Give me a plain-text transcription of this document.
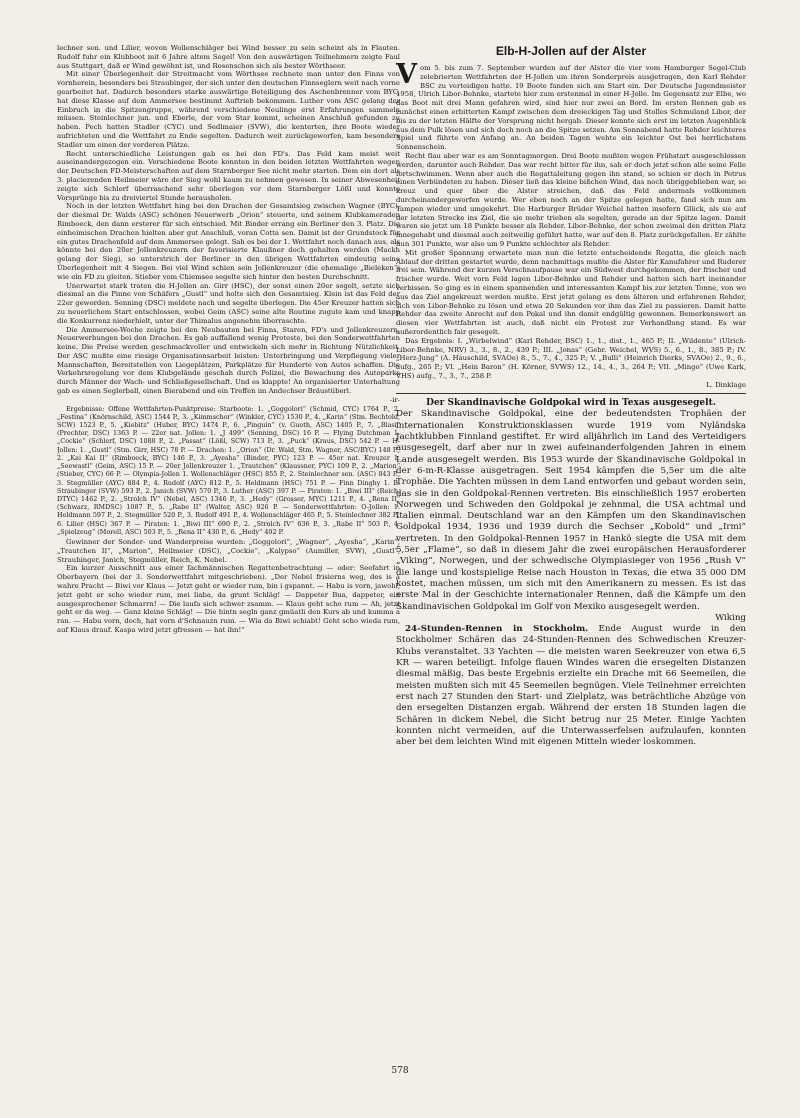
lechner sen. und Lilier, wovon Wollenschläger bei Wind besser zu sein scheint als in Flauten. Rudolf fuhr ein Klubboot mit 6 Jahre altem Segel! Von den auswärtigen Teilnehmern zeigte Faul aus Stuttgart, daß er Wind gewöhnt ist, und Rosenschon sich als bester Wörthseer.

Mit einer Überlegenheit der Streitmacht vom Wörthsee rechnete man unter den Finns von vornherein, besonders bei Straubinger, der sich unter den deutschen Finnseglern weit nach vorne gearbeitet hat. Dadurch besonders starke auswärtige Beteiligung des Aschenbrenner vom BYC, hat diese Klasse auf dem Ammersee bestimmt Auftrieb bekommen. Luther vom ASC gelang der Einbruch in die Spitzengruppe, während verschiedene Neulinge erst Erfahrungen sammeln müssen. Steinlechner jun. und Eberle, der vom Star kommt, scheinen Anschluß gefunden zu haben. Pech hatten Stadler (CYC) und Sedlmaier (SVW), die kenterten, ihre Boote wieder aufrichteten und die Wettfahrt zu Ende segelten. Dadurch weit zurückgeworfen, kam besonders Stadler um einen der vorderen Plätze.

Recht unterschiedliche Leistungen gab es bei den FD's. Das Feld kam meist weit auseinandergezogen ein. Verschiedene Boote konnten in den beiden letzten Wettfahrten wegen der Deutschen FD-Meisterschaften auf dem Starnberger See nicht mehr starten. Dem ein dort als 3. placierenden Heilmeier wäre der Sieg wohl kaum zu nehmen gewesen. In seiner Abwesenheit zeigte sich Schlerf überraschend sehr überlegen vor dem Starnberger Lößl und konnte Vorsprünge bis zu dreiviertel Stunde herausholen.

Noch in der letzten Wettfahrt hing bei den Drachen der Gesamtsieg zwischen Wagner (BYC), der diesmal Dr. Walds (ASC) schönen Neuerwerb „Orion“ steuerte, und seinem Klubkameraden Rimboeck, den dann ersterer für sich entschied. Mit Binder errang ein Berliner den 3. Platz. Die einheimischen Drachen hielten aber gut Anschluß, voran Cotta sen. Damit ist der Grundstock für ein gutes Drachenfeld auf dem Ammersee gelegt. Sah es bei der 1. Wettfahrt noch danach aus, als könnte bei den 20er Jollenkreuzern der favorisierte Klaußner doch gehalten werden (Mackh gelang der Sieg), so unterstrich der Berliner in den übrigen Wettfahrten eindeutig seine Überlegenheit mit 4 Siegen. Bei viel Wind schien sein Jollenkreuzer (die ehemalige „Bieleken“) wie ein FD zu gleiten. Stieber vom Chiemsee segelte sich hinter den besten Durchschnitt.

Unerwartet stark traten die H-Jollen an. Girr (HSC), der sonst einen 20er segelt, setzte sich diesmal an die Pinne von Schäfers „Gustl“ und holte sich den Gesamtsieg. Klein ist das Feld der 22er geworden. Senning (DSC) meldete nach und segelte überlegen. Die 45er Kreuzer hatten sich zu neuerlichem Start entschlossen, wobei Geim (ASC) seine alte Routine zugute kam und knapp die Konkurrenz niederhielt, unter der Thimalus angenehm überraschte.

Die Ammersee-Woche zeigte bei den Neubauten bei Finns, Staren, FD's und Jollenkreuzern, Neuerwerbungen bei den Drachen. Es gab auffallend wenig Proteste, bei den Sonderwettfahrten keine. Die Preise werden geschmackvoller und entwickeln sich mehr in Richtung Nützlichkeit. Der ASC mußte eine riesige Organisationsarbeit leisten: Unterbringung und Verpflegung vieler Mannschaften, Bereitstellen von Liegeplätzen, Parkplätze für Hunderte von Autos schaffen. Die Verkehrsregelung vor dem Klubgelände geschah durch Polizei, die Bewachung des Autoparks durch Männer der Wach- und Schließgesellschaft. Und es klappte! An organisierter Unterhaltung gab es einen Seglerball, einen Bierabend und ein Treffen im Andechser Bräustüberl.

-ir-

Ergebnisse: Offene Wettfahrten-Punktpreise: Starboote: 1. „Goggolori“ (Schmid, CYC) 1764 P., 2. „Festina“ (Knörnschild, ASC) 1544 P., 3. „Kimmschor“ (Winkler, CYC) 1530 P., 4. „Karin“ (Stm. Bechtold, SCW) 1523 P., 5. „Kiebitz“ (Huber, BYC) 1474 P., 6. „Pinguin“ (v. Guoth, ASC) 1405 P., 7. „Blasi“ (Prechter, DSC) 1363 P. — 22er nat. Jollen: 1. „J 499“ (Senning, DSC) 16 P. — Flying Dutchman 1. „Cockie“ (Schlerf, DSC) 1088 P., 2. „Passat“ (Lößl, SCW) 713 P., 3. „Puck“ (Kraus, DSC) 542 P. — H-Jollen: 1. „Gustl“ (Stm. Girr, HSC) 78 P. — Drachen: 1. „Orion“ (Dr. Wald, Stm. Wagner, ASC/BYC) 148 P., 2. „Kai Kai II“ (Rimboeck, BYC) 146 P., 3. „Ayesha“ (Binder, PYC) 123 P. — 45er nat. Kreuzer 1. „Seewastl“ (Geim, ASC) 15 P. — 20er Jollenkreuzer 1. „Trautchen“ (Klaussner, PYC) 109 P., 2. „Marion“ (Stieber, CYC) 66 P. — Olympia-Jollen 1. Wollenschläger (HSC) 855 P., 2. Steinlechner sen. (ASC) 843 P., 3. Stegmüller (AYC) 884 P., 4. Rudolf (AYC) 812 P., 5. Heldmann (HSC) 751 P. — Finn Dinghy 1. B. Straubinger (SVW) 593 P., 2. Janich (SVW) 570 P., 3. Luther (ASC) 397 P. — Piraten: 1. „Biwi III“ (Reich, DTYC) 1462 P., 2. „Strolch IV“ (Nebel, ASC) 1346 P., 3. „Hedy“ (Grosser, MYC) 1211 P., 4. „Rena II“ (Schwarz, RMDSC) 1087 P., 5. „Rabe II“ (Walter, ASC) 926 P. — Sonderwettfahrten: O-Jollen: 1. Heldmann 597 P., 2. Stegmüller 520 P., 3. Rudolf 491 P., 4. Wollenschläger 465 P., 5. Steinlechner 382 P., 6. Lilier (HSC) 367 P. — Piraten: 1. „Biwi III“ 690 P., 2. „Strolch IV“ 636 P., 3. „Rabe II“ 503 P., 4. „Spielzeug“ (Morell, ASC) 503 P., 5. „Rena II“ 430 P., 6. „Hedy“ 402 P.

Gewinner der Sonder- und Wanderpreise wurden: „Goggolori“, „Wagner“, „Ayesha“, „Karin“, „Trautchen II“, „Marion“, Heilmeier (DSC), „Cockie“, „Kalypso“ (Aumiller, SVW), „Gustl“, Straubinger, Janich, Stegmüller, Reich, K. Nebel.

Ein kurzer Ausschnitt aus einer fachmännischen Regattenbetrachtung — oder: Seefahrt in Oberbayern (bei der 3. Sonderwettfahrt mitgeschrieben). „Der Nebel frisierns weg, des is a wahre Pracht — Biwi vor Klaus — Jetzt geht er wieder rum, bin i gspannt. — Habu is vorn, jawohl, jetzt geht er scho wieder rum, mei liaba, da grunt Schläg! — Dappeter Bua, dappeter, ein ausgesprochener Schmarrn! — Die laufa sich schwer zsamm. — Klaus geht scho rum — Ah, jetzt geht er da weg. — Ganz kleine Schläg! — Die hintn segln ganz gmüatli den Kurs ab und kumma a ran. — Habu vorn, doch, hat vorn d'Schnauzn rum. — Wia da Biwi schiabt! Geht scho wieda rum, auf Klaus drauf. Kaspa wird jetzt gfressen — hat ihn!“

Elb-H-Jollen auf der Alster

Vom 5. bis zum 7. September wurden auf der Alster die vier vom Hamburger Segel-Club zelebrierten Wettfahrten der H-Jollen um ihren Sonderpreis ausgetragen, den Karl Rehder BSC zu verteidigen hatte. 19 Boote fanden sich am Start ein. Der Deutsche Jugendmeister 1958, Ulrich Libor-Behnke, startete hier zum erstenmal in einer H-Jolle. Im Gegensatz zur Elbe, wo das Boot mit drei Mann gefahren wird, sind hier nur zwei an Bord. Im ersten Rennen gab es zunächst einen erbitterten Kampf zwischen dem dreieckigen Tag und Stolles Schmuland Libor, der bis zu der letzten Hälfte der Vorsprung nicht hergab. Dieser konnte sich erst im letzten Augenblick aus dem Pulk lösen und sich doch noch an die Spitze setzen. Am Sonnabend hatte Rehder leichteres Spiel und führte von Anfang an. An beiden Tagen wehte ein leichter Ost bei herrlichstem Sonnenschein.

Recht flau aber war es am Sonntagmorgen. Drei Boote mußten wegen Frühstart ausgeschlossen werden, darunter auch Rehder. Das war recht bitter für ihn, sah er doch jetzt schon alle seine Felle fortschwimmen. Wenn aber auch die Regattaleitung gegen ihn stand, so schien er doch in Petrus einen Verbündeten zu haben. Dieser ließ das kleine bißchen Wind, das noch übriggeblieben war, so kreuz und quer über die Alster streichen, daß das Feld andermals vollkommen durcheinandergeworfen wurde. Wer eben noch an der Spitze gelegen hatte, fand sich nun am Tampen wieder und umgekehrt. Die Harburger Brüder Weichel hatten insofern Glück, als sie auf der letzten Strecke ins Ziel, die sie mehr trieben als segelten, gerade an der Spitze lagen. Damit waren sie jetzt um 18 Punkte besser als Rehder. Libor-Behnke, der schon zweimal den dritten Platz innegehabt und diesmal auch zeitweilig geführt hatte, war auf den 8. Platz zurückgefallen. Er zählte nun 301 Punkte, war also um 9 Punkte schlechter als Rehder.

Mit großer Spannung erwartete man nun die letzte entscheidende Regatta, die gleich nach Ablauf der dritten gestartet wurde, denn nachmittags mußte die Alster für Kanufahrer und Ruderer frei sein. Während der kurzen Verschnaufpause war ein Südwest durchgekommen, der frischer und frischer wurde. Weit vorn Feld lagen Libor-Behnke und Rehder und hatten sich hart ineinander verbissen. So ging es in einem spannenden und interessanten Kampf bis zur letzten Tonne, von wo aus das Ziel angekreuzt werden mußte. Erst jetzt gelang es dem älteren und erfahrenen Rehder, sich von Libor-Behnke zu lösen und etwa 20 Sekunden vor ihm das Ziel zu passieren. Damit hatte Rehder das zweite Anrecht auf den Pokal und ihn damit endgültig gewonnen. Bemerkenswert an diesen vier Wettfahrten ist auch, daß nicht ein Protest zur Verhandlung stand. Es war außerordentlich fair gesegelt.

Das Ergebnis: I. „Wirbelwind“ (Karl Rehder, BSC) 1., 1., dist., 1., 465 P.; II. „Wildente“ (Ulrich-Libor-Behnke, NRV) 3., 3., 8., 2., 439 P.; III. „Jonas“ (Gebr. Weichel, WVS) 5., 6., 1., 8., 385 P.; IV. „Herz-Jung“ (A. Hauschild, SVAOe) 8., 5., 7., 4., 325 P.; V. „Bulli“ (Heinrich Dierks, SVAOe) 2., 9., 6., aufg., 265 P.; VI. „Hein Baron“ (H. Körner, SVWS) 12., 14., 4., 3., 264 P.; VII. „Mingo“ (Uwe Kark, VHS) aufg., 7., 3., 7., 258 P.

L. Dinklage

Der Skandinavische Goldpokal wird in Texas ausgesegelt.

Der Skandinavische Goldpokal, eine der bedeutendsten Trophäen der internationalen Konstruktionsklassen wurde 1919 vom Nyländska Jachtklubben Finnland gestiftet. Er wird alljährlich im Land des Verteidigers ausgesegelt, darf aber nur in zwei aufeinanderfolgenden Jahren in einem Lande ausgesegelt werden. Bis 1953 wurde der Skandinavische Goldpokal in der 6-m-R-Klasse ausgetragen. Seit 1954 kämpfen die 5,5er um die alte Trophäe. Die Yachten müssen in dem Land entworfen und gebaut worden sein, das sie in den Goldpokal-Rennen vertreten. Bis einschließlich 1957 eroberten Norwegen und Schweden den Goldpokal je zehnmal, die USA achtmal und Italien einmal. Deutschland war an den Kämpfen um den Skandinavischen Goldpokal 1934, 1936 und 1939 durch die Sechser „Kobold“ und „Irmi“ vertreten. In den Goldpokal-Rennen 1957 in Hankö siegte die USA mit dem 5,5er „Flame“, so daß in diesem Jahr die zwei europäischen Herausforderer „Viking“, Norwegen, und der schwedische Olympiasieger von 1956 „Rush V“ die lange und kostspielige Reise nach Houston in Texas, die etwa 35 000 DM kostet, machen müssen, um sich mit den Amerikanern zu messen. Es ist das erste Mal in der Geschichte internationaler Rennen, daß die Kämpfe um den Skandinavischen Goldpokal im Golf von Mexiko ausgesegelt werden.

Wiking

24-Stunden-Rennen in Stockholm. Ende August wurde in den Stockholmer Schären das 24-Stunden-Rennen des Schwedischen Kreuzer-Klubs veranstaltet. 33 Yachten — die meisten waren Seekreuzer von etwa 6,5 KR — waren beteiligt. Infolge flauen Windes waren die ersegelten Distanzen diesmal mäßig. Das beste Ergebnis erzielte ein Drache mit 66 Seemeilen, die meisten mußten sich mit 45 Seemeilen begnügen. Viele Teilnehmer erreichten erst nach 27 Stunden den Start- und Zielplatz, was beträchtliche Abzüge von den ersegelten Distanzen ergab. Während der ersten 18 Stunden lagen die Schären in dickem Nebel, die Sicht betrug nur 25 Meter. Einige Yachten konnten nicht vermeiden, auf die Unterwasserfelsen aufzulaufen, konnten aber bei dem leichten Wind mit eigenen Mitteln wieder loskommen.

578
